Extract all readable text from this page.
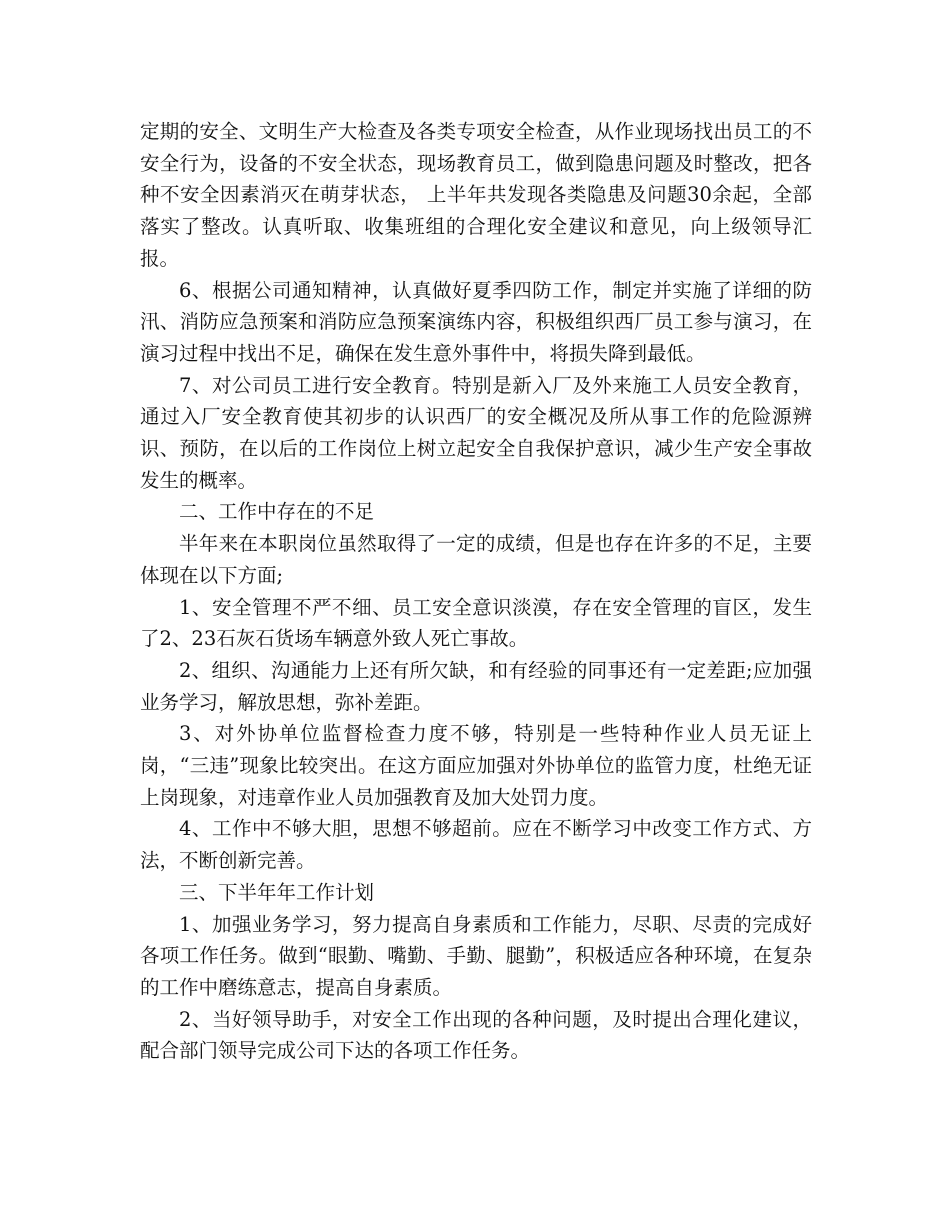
定期的安全、文明生产大检查及各类专项安全检查，从作业现场找出员工的不安全行为，设备的不安全状态，现场教育员工，做到隐患问题及时整改，把各种不安全因素消灭在萌芽状态， 上半年共发现各类隐患及问题30余起，全部落实了整改。认真听取、收集班组的合理化安全建议和意见，向上级领导汇报。

6、根据公司通知精神，认真做好夏季四防工作，制定并实施了详细的防汛、消防应急预案和消防应急预案演练内容，积极组织西厂员工参与演习，在演习过程中找出不足，确保在发生意外事件中，将损失降到最低。

7、对公司员工进行安全教育。特别是新入厂及外来施工人员安全教育，通过入厂安全教育使其初步的认识西厂的安全概况及所从事工作的危险源辨识、预防，在以后的工作岗位上树立起安全自我保护意识，减少生产安全事故发生的概率。

二、工作中存在的不足

半年来在本职岗位虽然取得了一定的成绩，但是也存在许多的不足，主要体现在以下方面;

1、安全管理不严不细、员工安全意识淡漠，存在安全管理的盲区，发生了2、23石灰石货场车辆意外致人死亡事故。

2、组织、沟通能力上还有所欠缺，和有经验的同事还有一定差距;应加强业务学习，解放思想，弥补差距。

3、对外协单位监督检查力度不够，特别是一些特种作业人员无证上岗，“三违”现象比较突出。在这方面应加强对外协单位的监管力度，杜绝无证上岗现象，对违章作业人员加强教育及加大处罚力度。

4、工作中不够大胆，思想不够超前。应在不断学习中改变工作方式、方法，不断创新完善。

三、下半年年工作计划

1、加强业务学习，努力提高自身素质和工作能力，尽职、尽责的完成好各项工作任务。做到“眼勤、嘴勤、手勤、腿勤”，积极适应各种环境，在复杂的工作中磨练意志，提高自身素质。

2、当好领导助手，对安全工作出现的各种问题，及时提出合理化建议，配合部门领导完成公司下达的各项工作任务。
